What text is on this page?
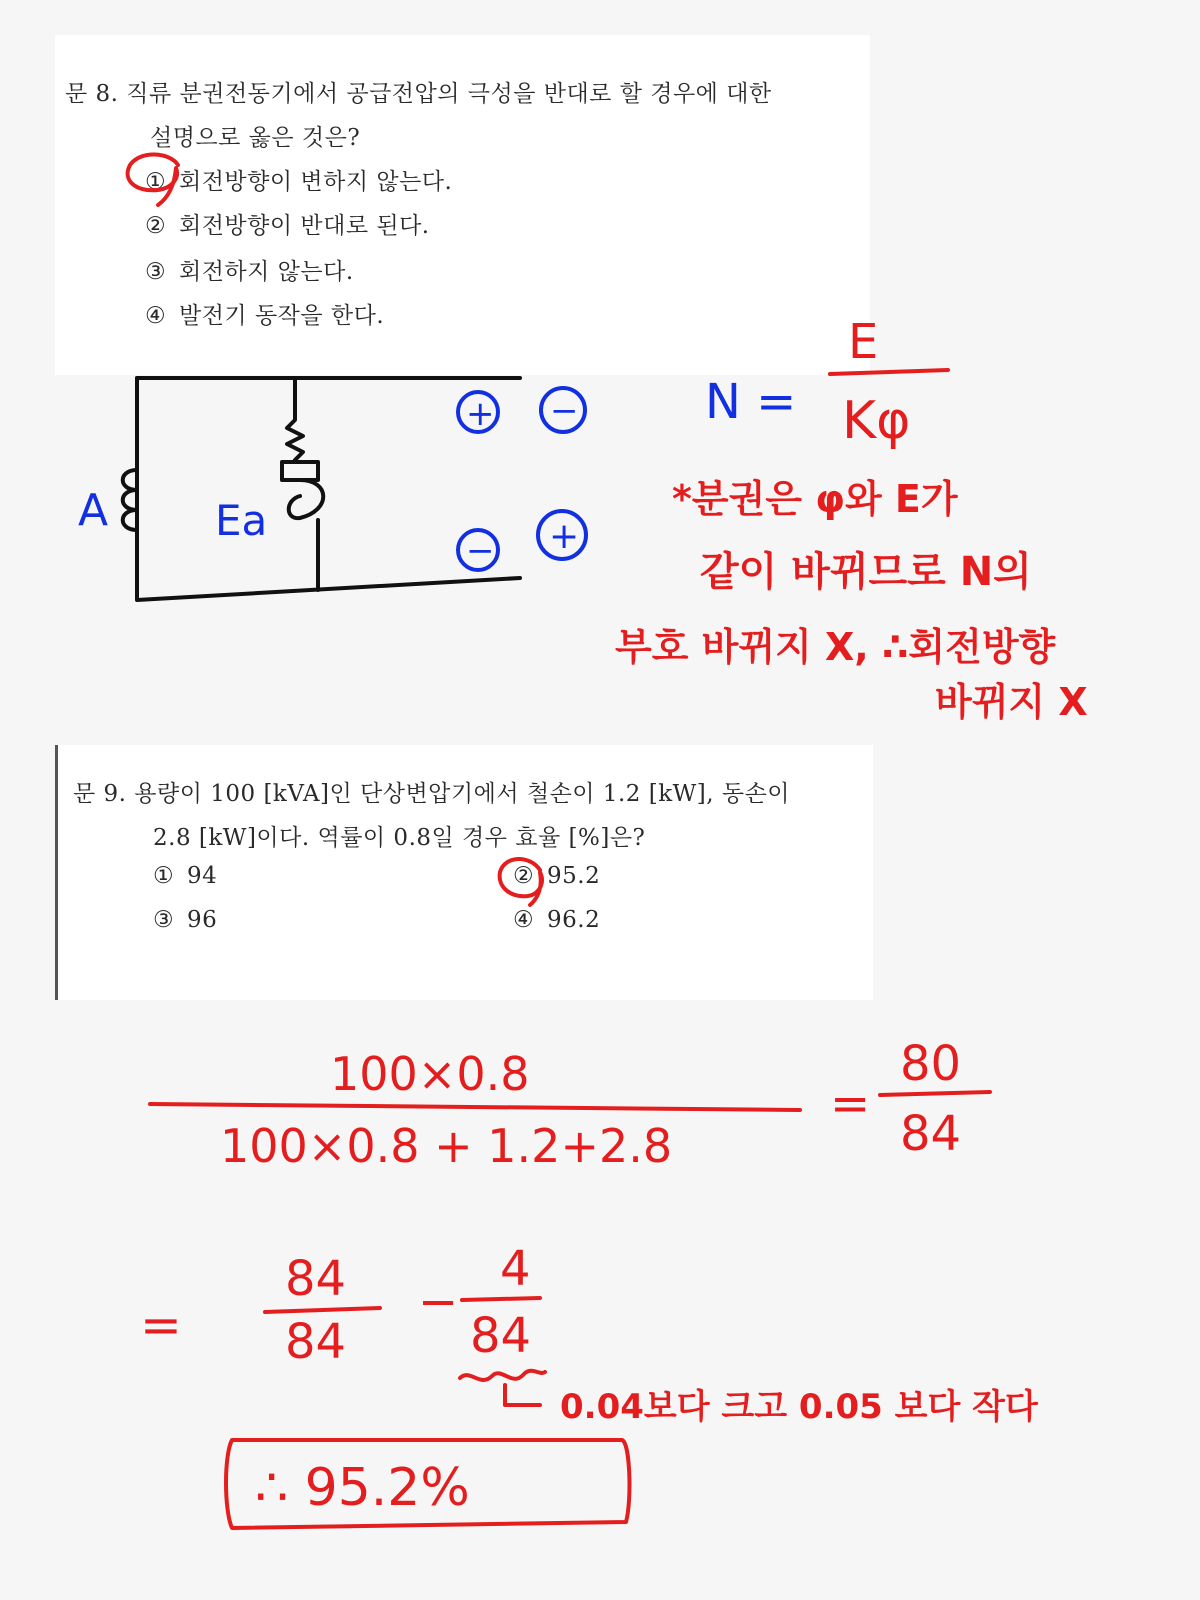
문 8. 직류 분권전동기에서 공급전압의 극성을 반대로 할 경우에 대한
설명으로 옳은 것은?
① 회전방향이 변하지 않는다.
② 회전방향이 반대로 된다.
③ 회전하지 않는다.
④ 발전기 동작을 한다.
문 9. 용량이 100 [kVA]인 단상변압기에서 철손이 1.2 [kW], 동손이
2.8 [kW]이다. 역률이 0.8일 경우 효율 [%]은?
① 94	② 95.2
③ 96	④ 96.2
A	Ea
+ −
− +
N =
E
Kφ
*분권은 φ와 E가
같이 바뀌므로 N의
부호 바뀌지 X, ∴회전방향
바뀌지 X
100×0.8
100×0.8 + 1.2+2.8
=
80
84
=
84
84
−
4
84
0.04보다 크고 0.05 보다 작다
∴ 95.2%
